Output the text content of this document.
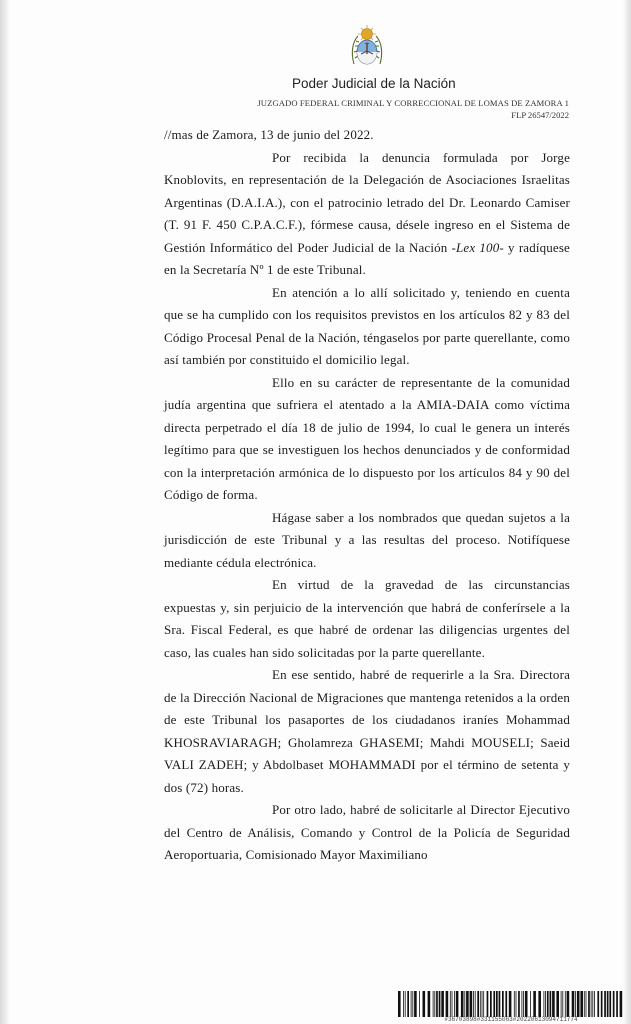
Poder Judicial de la Nación
JUZGADO FEDERAL CRIMINAL Y CORRECCIONAL DE LOMAS DE ZAMORA 1
FLP 26547/2022

//mas de Zamora, 13 de junio del 2022.

Por recibida la denuncia formulada por Jorge Knoblovits, en representación de la Delegación de Asociaciones Israelitas Argentinas (D.A.I.A.), con el patrocinio letrado del Dr. Leonardo Camiser (T. 91 F. 450 C.P.A.C.F.), fórmese causa, désele ingreso en el Sistema de Gestión Informático del Poder Judicial de la Nación -Lex 100- y radíquese en la Secretaría Nº 1 de este Tribunal.

En atención a lo allí solicitado y, teniendo en cuenta que se ha cumplido con los requisitos previstos en los artículos 82 y 83 del Código Procesal Penal de la Nación, téngaselos por parte querellante, como así también por constituido el domicilio legal.

Ello en su carácter de representante de la comunidad judía argentina que sufriera el atentado a la AMIA-DAIA como víctima directa perpetrado el día 18 de julio de 1994, lo cual le genera un interés legítimo para que se investiguen los hechos denunciados y de conformidad con la interpretación armónica de lo dispuesto por los artículos 84 y 90 del Código de forma.

Hágase saber a los nombrados que quedan sujetos a la jurisdicción de este Tribunal y a las resultas del proceso. Notifíquese mediante cédula electrónica.

En virtud de la gravedad de las circunstancias expuestas y, sin perjuicio de la intervención que habrá de conferírsele a la Sra. Fiscal Federal, es que habré de ordenar las diligencias urgentes del caso, las cuales han sido solicitadas por la parte querellante.

En ese sentido, habré de requerirle a la Sra. Directora de la Dirección Nacional de Migraciones que mantenga retenidos a la orden de este Tribunal los pasaportes de los ciudadanos iraníes Mohammad KHOSRAVIARAGH; Gholamreza GHASEMI; Mahdi MOUSELI; Saeid VALI ZADEH; y Abdolbaset MOHAMMADI por el término de setenta y dos (72) horas.

Por otro lado, habré de solicitarle al Director Ejecutivo del Centro de Análisis, Comando y Control de la Policía de Seguridad Aeroportuaria, Comisionado Mayor Maximiliano

#36703898#331155063#20220613094711774
